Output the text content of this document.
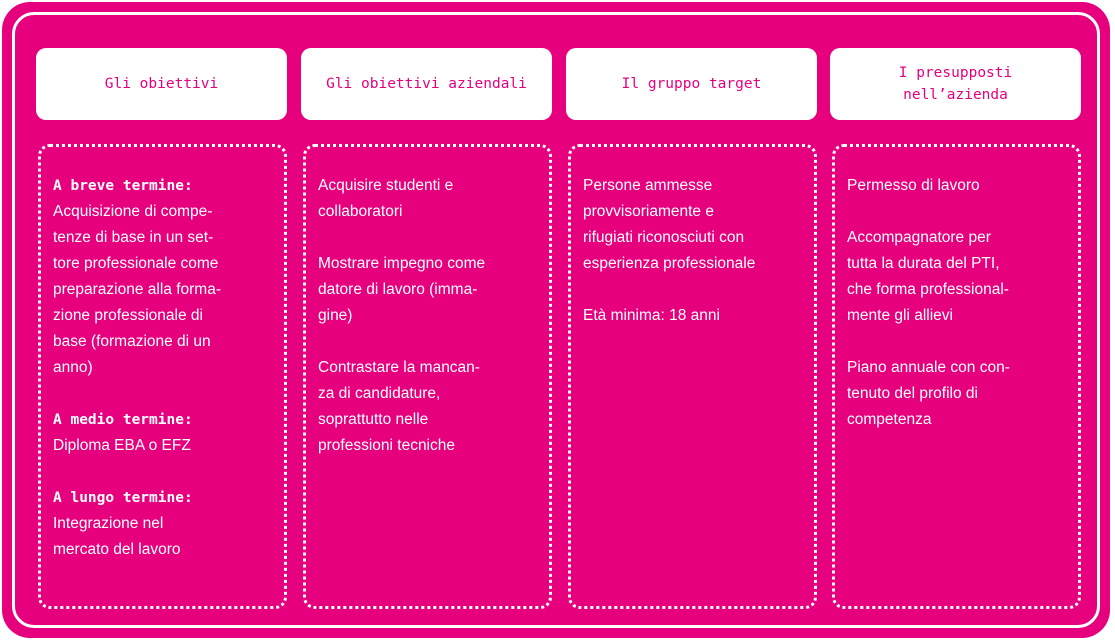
Gli obiettivi	Gli obiettivi aziendali	Il gruppo target
I presupposti
nell’azienda

A breve termine:
Acquisizione di compe-
tenze di base in un set-
tore professionale come
preparazione alla forma-
zione professionale di
base (formazione di un
anno)

A medio termine:
Diploma EBA o EFZ

A lungo termine:
Integrazione nel
mercato del lavoro

Acquisire studenti e
collaboratori

Mostrare impegno come
datore di lavoro (imma-
gine)

Contrastare la mancan-
za di candidature,
soprattutto nelle
professioni tecniche

Persone ammesse
provvisoriamente e
rifugiati riconosciuti con
esperienza professionale

Età minima: 18 anni

Permesso di lavoro

Accompagnatore per
tutta la durata del PTI,
che forma professional-
mente gli allievi

Piano annuale con con-
tenuto del profilo di
competenza
